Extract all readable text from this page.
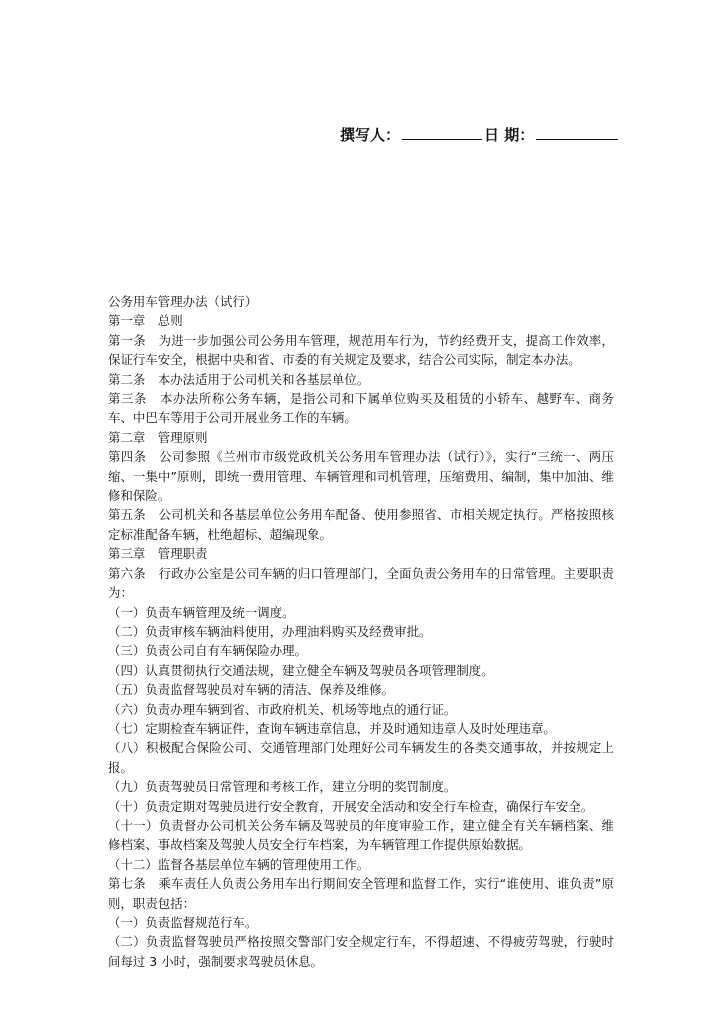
撰写人：	日 期：

公务用车管理办法（试行）

第一章　总则

第一条　为进一步加强公司公务用车管理，规范用车行为，节约经费开支，提高工作效率，保证行车安全，根据中央和省、市委的有关规定及要求，结合公司实际，制定本办法。

第二条　本办法适用于公司机关和各基层单位。

第三条　本办法所称公务车辆，是指公司和下属单位购买及租赁的小轿车、越野车、商务车、中巴车等用于公司开展业务工作的车辆。

第二章　管理原则

第四条　公司参照《兰州市市级党政机关公务用车管理办法（试行）》，实行“三统一、两压缩、一集中”原则，即统一费用管理、车辆管理和司机管理，压缩费用、编制，集中加油、维修和保险。

第五条　公司机关和各基层单位公务用车配备、使用参照省、市相关规定执行。严格按照核定标准配备车辆，杜绝超标、超编现象。

第三章　管理职责

第六条　行政办公室是公司车辆的归口管理部门，全面负责公务用车的日常管理。主要职责为：

（一）负责车辆管理及统一调度。

（二）负责审核车辆油料使用，办理油料购买及经费审批。

（三）负责公司自有车辆保险办理。

（四）认真贯彻执行交通法规，建立健全车辆及驾驶员各项管理制度。

（五）负责监督驾驶员对车辆的清洁、保养及维修。

（六）负责办理车辆到省、市政府机关、机场等地点的通行证。

（七）定期检查车辆证件，查询车辆违章信息，并及时通知违章人及时处理违章。

（八）积极配合保险公司、交通管理部门处理好公司车辆发生的各类交通事故，并按规定上报。

（九）负责驾驶员日常管理和考核工作，建立分明的奖罚制度。

（十）负责定期对驾驶员进行安全教育，开展安全活动和安全行车检查，确保行车安全。

（十一）负责督办公司机关公务车辆及驾驶员的年度审验工作，建立健全有关车辆档案、维修档案、事故档案及驾驶人员安全行车档案，为车辆管理工作提供原始数据。

（十二）监督各基层单位车辆的管理使用工作。

第七条　乘车责任人负责公务用车出行期间安全管理和监督工作，实行“谁使用、谁负责”原则，职责包括：

（一）负责监督规范行车。

（二）负责监督驾驶员严格按照交警部门安全规定行车，不得超速、不得疲劳驾驶，行驶时间每过 3 小时，强制要求驾驶员休息。
